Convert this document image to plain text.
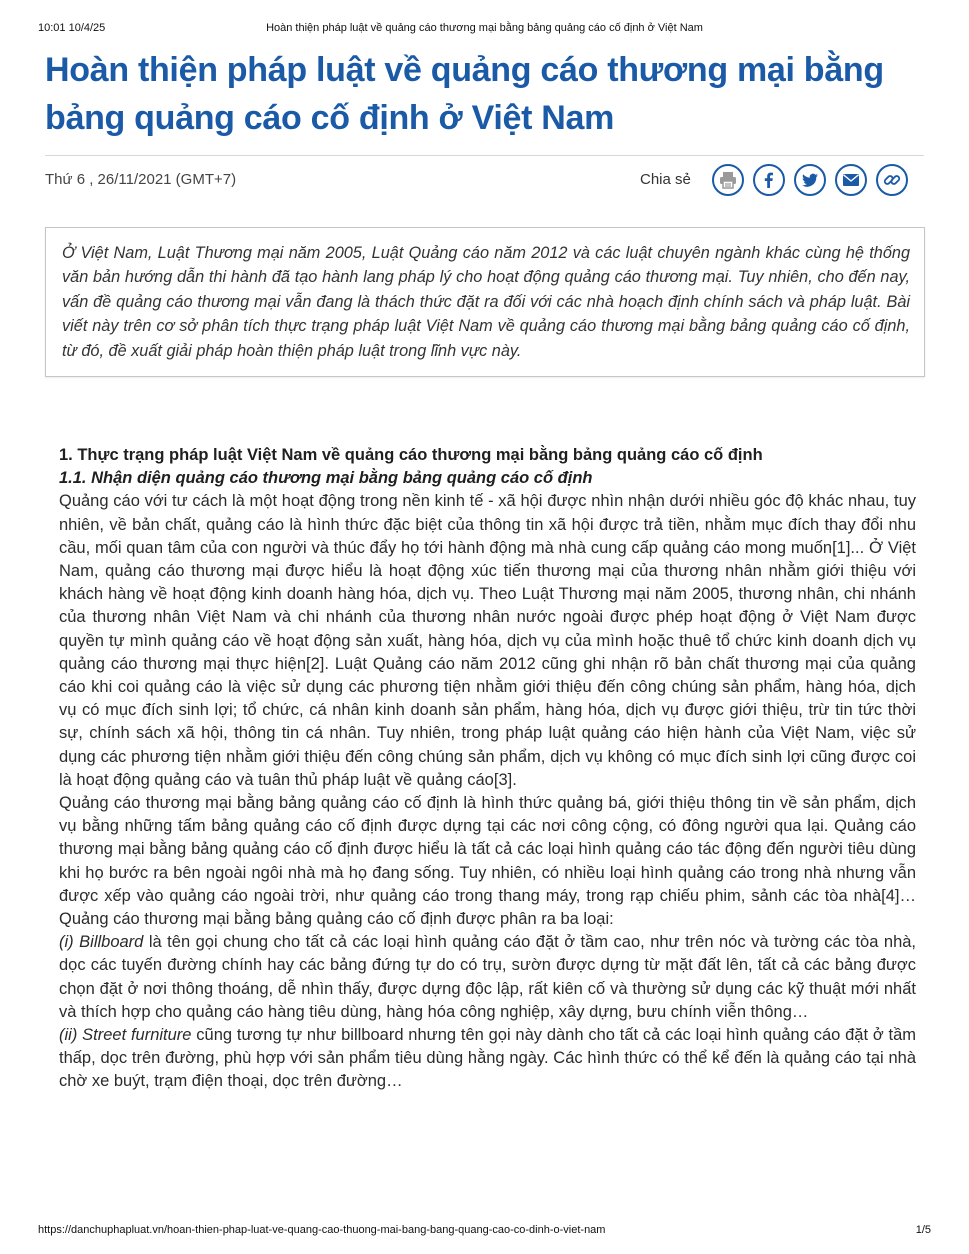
10:01 10/4/25	Hoàn thiện pháp luật về quảng cáo thương mại bằng bảng quảng cáo cố định ở Việt Nam
Hoàn thiện pháp luật về quảng cáo thương mại bằng bảng quảng cáo cố định ở Việt Nam
Thứ 6 , 26/11/2021 (GMT+7)	Chia sẻ
Ở Việt Nam, Luật Thương mại năm 2005, Luật Quảng cáo năm 2012 và các luật chuyên ngành khác cùng hệ thống văn bản hướng dẫn thi hành đã tạo hành lang pháp lý cho hoạt động quảng cáo thương mại. Tuy nhiên, cho đến nay, vấn đề quảng cáo thương mại vẫn đang là thách thức đặt ra đối với các nhà hoạch định chính sách và pháp luật. Bài viết này trên cơ sở phân tích thực trạng pháp luật Việt Nam về quảng cáo thương mại bằng bảng quảng cáo cố định, từ đó, đề xuất giải pháp hoàn thiện pháp luật trong lĩnh vực này.

1. Thực trạng pháp luật Việt Nam về quảng cáo thương mại bằng bảng quảng cáo cố định

1.1. Nhận diện quảng cáo thương mại bằng bảng quảng cáo cố định

Quảng cáo với tư cách là một hoạt động trong nền kinh tế - xã hội được nhìn nhận dưới nhiều góc độ khác nhau, tuy nhiên, về bản chất, quảng cáo là hình thức đặc biệt của thông tin xã hội được trả tiền, nhằm mục đích thay đổi nhu cầu, mối quan tâm của con người và thúc đẩy họ tới hành động mà nhà cung cấp quảng cáo mong muốn[1]... Ở Việt Nam, quảng cáo thương mại được hiểu là hoạt động xúc tiến thương mại của thương nhân nhằm giới thiệu với khách hàng về hoạt động kinh doanh hàng hóa, dịch vụ. Theo Luật Thương mại năm 2005, thương nhân, chi nhánh của thương nhân Việt Nam và chi nhánh của thương nhân nước ngoài được phép hoạt động ở Việt Nam được quyền tự mình quảng cáo về hoạt động sản xuất, hàng hóa, dịch vụ của mình hoặc thuê tổ chức kinh doanh dịch vụ quảng cáo thương mại thực hiện[2]. Luật Quảng cáo năm 2012 cũng ghi nhận rõ bản chất thương mại của quảng cáo khi coi quảng cáo là việc sử dụng các phương tiện nhằm giới thiệu đến công chúng sản phẩm, hàng hóa, dịch vụ có mục đích sinh lợi; tổ chức, cá nhân kinh doanh sản phẩm, hàng hóa, dịch vụ được giới thiệu, trừ tin tức thời sự, chính sách xã hội, thông tin cá nhân. Tuy nhiên, trong pháp luật quảng cáo hiện hành của Việt Nam, việc sử dụng các phương tiện nhằm giới thiệu đến công chúng sản phẩm, dịch vụ không có mục đích sinh lợi cũng được coi là hoạt động quảng cáo và tuân thủ pháp luật về quảng cáo[3].

Quảng cáo thương mại bằng bảng quảng cáo cố định là hình thức quảng bá, giới thiệu thông tin về sản phẩm, dịch vụ bằng những tấm bảng quảng cáo cố định được dựng tại các nơi công cộng, có đông người qua lại. Quảng cáo thương mại bằng bảng quảng cáo cố định được hiểu là tất cả các loại hình quảng cáo tác động đến người tiêu dùng khi họ bước ra bên ngoài ngôi nhà mà họ đang sống. Tuy nhiên, có nhiều loại hình quảng cáo trong nhà nhưng vẫn được xếp vào quảng cáo ngoài trời, như quảng cáo trong thang máy, trong rạp chiếu phim, sảnh các tòa nhà[4]… Quảng cáo thương mại bằng bảng quảng cáo cố định được phân ra ba loại:

(i) Billboard là tên gọi chung cho tất cả các loại hình quảng cáo đặt ở tầm cao, như trên nóc và tường các tòa nhà, dọc các tuyến đường chính hay các bảng đứng tự do có trụ, sườn được dựng từ mặt đất lên, tất cả các bảng được chọn đặt ở nơi thông thoáng, dễ nhìn thấy, được dựng độc lập, rất kiên cố và thường sử dụng các kỹ thuật mới nhất và thích hợp cho quảng cáo hàng tiêu dùng, hàng hóa công nghiệp, xây dựng, bưu chính viễn thông…

(ii) Street furniture cũng tương tự như billboard nhưng tên gọi này dành cho tất cả các loại hình quảng cáo đặt ở tầm thấp, dọc trên đường, phù hợp với sản phẩm tiêu dùng hằng ngày. Các hình thức có thể kể đến là quảng cáo tại nhà chờ xe buýt, trạm điện thoại, dọc trên đường…

https://danchuphapluat.vn/hoan-thien-phap-luat-ve-quang-cao-thuong-mai-bang-bang-quang-cao-co-dinh-o-viet-nam	1/5
